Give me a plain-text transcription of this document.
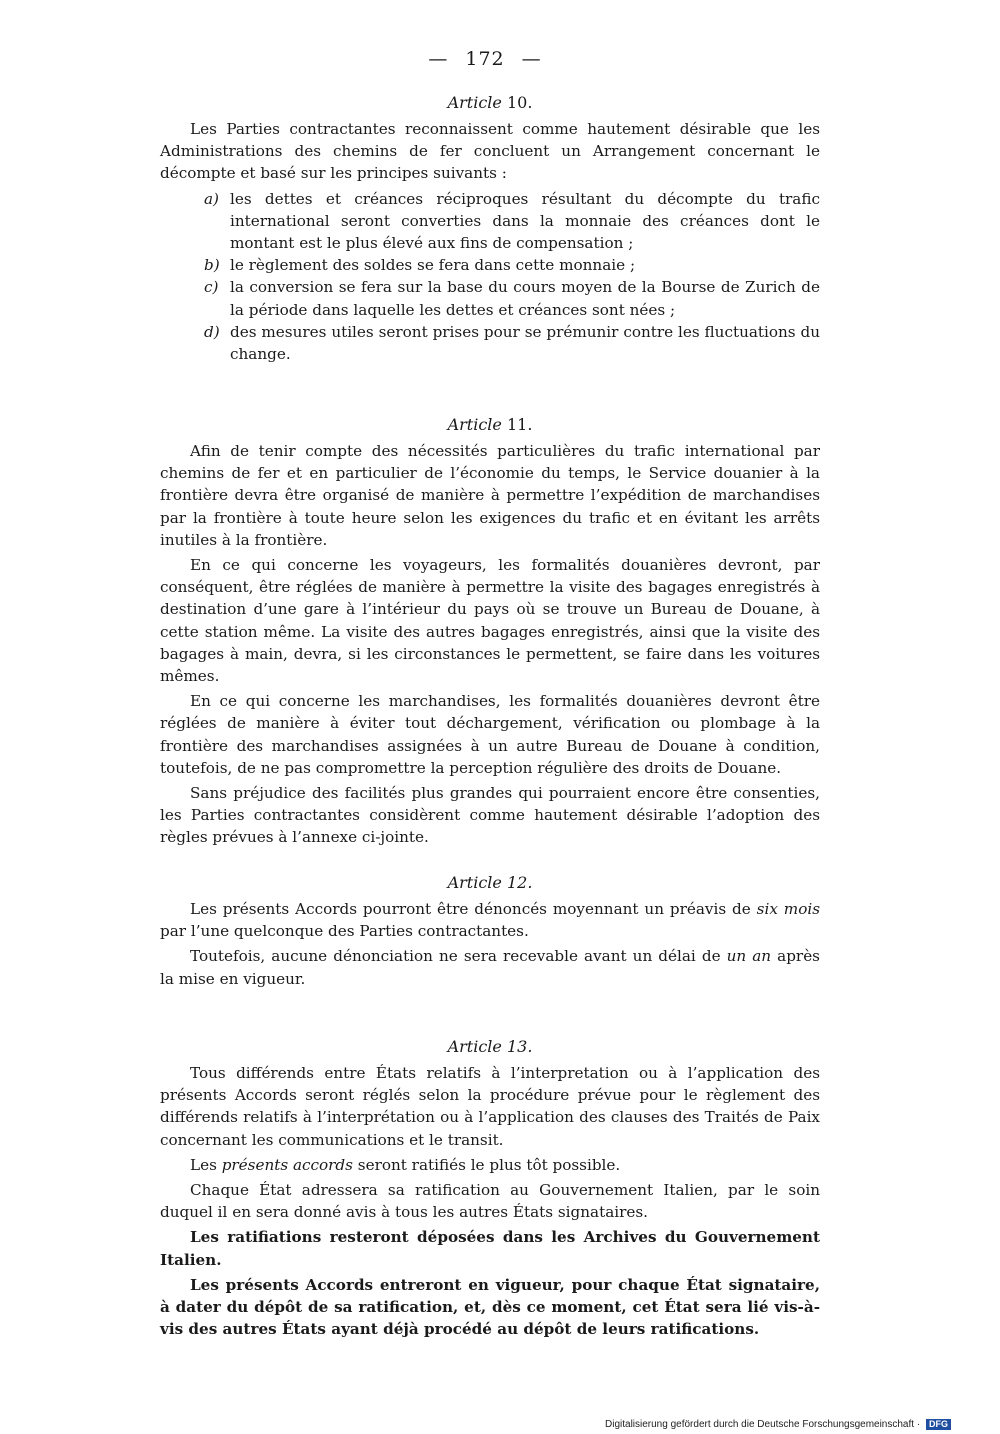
— 172 —
Article 10.

Les Parties contractantes reconnaissent comme hautement désirable que les Administrations des chemins de fer concluent un Arrangement concernant le décompte et basé sur les principes suivants :

a) les dettes et créances réciproques résultant du décompte du trafic international seront converties dans la monnaie des créances dont le montant est le plus élevé aux fins de compensation ;
b) le règlement des soldes se fera dans cette monnaie ;
c) la conversion se fera sur la base du cours moyen de la Bourse de Zurich de la période dans laquelle les dettes et créances sont nées ;
d) des mesures utiles seront prises pour se prémunir contre les fluctuations du change.
Article 11.

Afin de tenir compte des nécessités particulières du trafic international par chemins de fer et en particulier de l’économie du temps, le Service douanier à la frontière devra être organisé de manière à permettre l’expédition de marchandises par la frontière à toute heure selon les exigences du trafic et en évitant les arrêts inutiles à la frontière.

En ce qui concerne les voyageurs, les formalités douanières devront, par conséquent, être réglées de manière à permettre la visite des bagages enregistrés à destination d’une gare à l’intérieur du pays où se trouve un Bureau de Douane, à cette station même. La visite des autres bagages enregistrés, ainsi que la visite des bagages à main, devra, si les circonstances le permettent, se faire dans les voitures mêmes.

En ce qui concerne les marchandises, les formalités douanières devront être réglées de manière à éviter tout déchargement, vérification ou plombage à la frontière des marchandises assignées à un autre Bureau de Douane à condition, toutefois, de ne pas compromettre la perception régulière des droits de Douane.

Sans préjudice des facilités plus grandes qui pourraient encore être consenties, les Parties contractantes considèrent comme hautement désirable l’adoption des règles prévues à l’annexe ci-jointe.

Article 12.

Les présents Accords pourront être dénoncés moyennant un préavis de six mois par l’une quelconque des Parties contractantes.

Toutefois, aucune dénonciation ne sera recevable avant un délai de un an après la mise en vigueur.

Article 13.

Tous différends entre États relatifs à l’interpretation ou à l’application des présents Accords seront réglés selon la procédure prévue pour le règlement des différends relatifs à l’interprétation ou à l’application des clauses des Traités de Paix concernant les communications et le transit.

Les présents accords seront ratifiés le plus tôt possible.

Chaque État adressera sa ratification au Gouvernement Italien, par le soin duquel il en sera donné avis à tous les autres États signataires.

Les ratifiations resteront déposées dans les Archives du Gouvernement Italien.

Les présents Accords entreront en vigueur, pour chaque État signataire, à dater du dépôt de sa ratification, et, dès ce moment, cet État sera lié vis-à-vis des autres États ayant déjà procédé au dépôt de leurs ratifications.

Digitalisierung gefördert durch die Deutsche Forschungsgemeinschaft · DFG
